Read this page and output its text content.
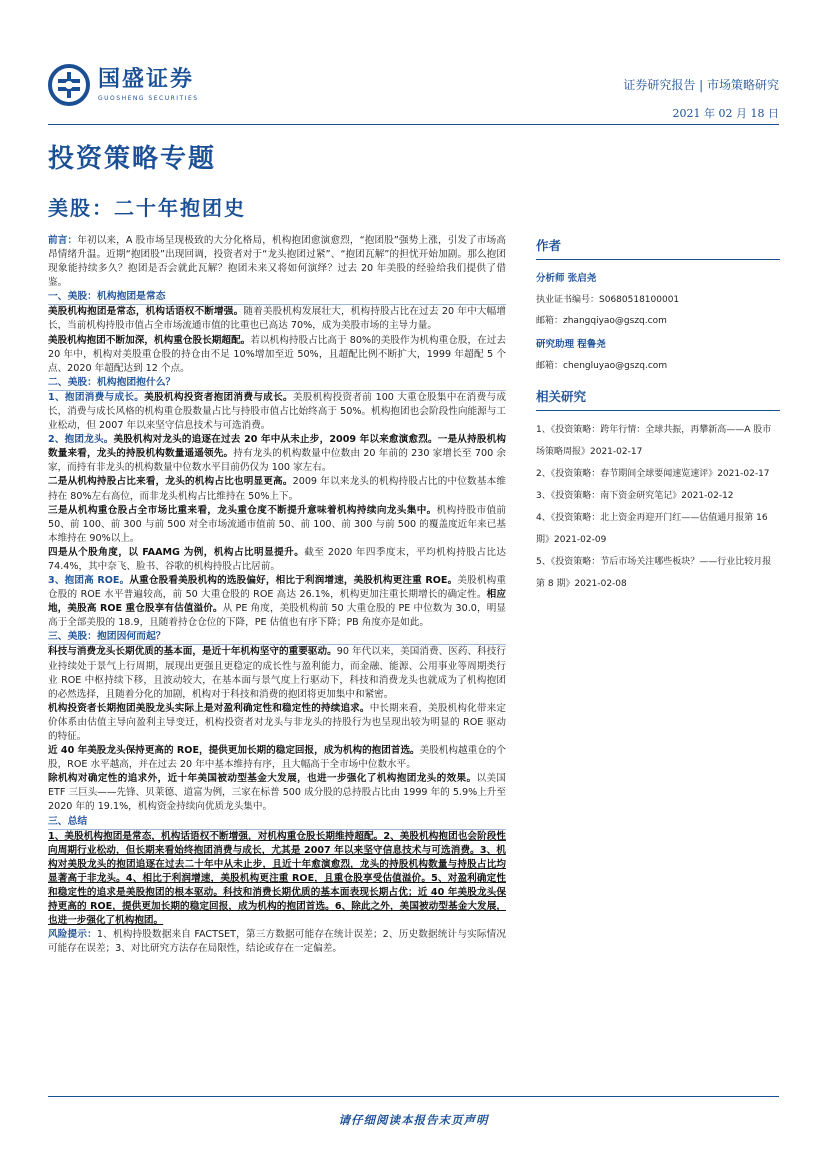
国盛证券
GUOSHENG SECURITIES
证券研究报告 | 市场策略研究
2021 年 02 月 18 日
投资策略专题
美股：二十年抱团史

前言：年初以来，A 股市场呈现极致的大分化格局，机构抱团愈演愈烈，“抱团股”强势上涨，引发了市场高昂情绪升温。近期“抱团股”出现回调，投资者对于“龙头抱团过紧”、“抱团瓦解”的担忧开始加剧。那么抱团现象能持续多久？抱团是否会就此瓦解？抱团未来又将如何演绎？过去 20 年美股的经验给我们提供了借鉴。

一、美股：机构抱团是常态

美股机构抱团是常态，机构话语权不断增强。随着美股机构发展壮大，机构持股占比在过去 20 年中大幅增长，当前机构持股市值占全市场流通市值的比重也已高达 70%，成为美股市场的主导力量。

美股机构抱团不断加深，机构重仓股长期超配。若以机构持股占比高于 80%的美股作为机构重仓股，在过去 20 年中，机构对美股重仓股的持仓由不足 10%增加至近 50%，且超配比例不断扩大，1999 年超配 5 个点、2020 年超配达到 12 个点。

二、美股：机构抱团抱什么？

1、抱团消费与成长。美股机构投资者抱团消费与成长。美股机构投资者前 100 大重仓股集中在消费与成长，消费与成长风格的机构重仓股数量占比与持股市值占比始终高于 50%。机构抱团也会阶段性向能源与工业松动，但 2007 年以来坚守信息技术与可选消费。

2、抱团龙头。美股机构对龙头的追逐在过去 20 年中从未止步，2009 年以来愈演愈烈。一是从持股机构数量来看，龙头的持股机构数量遥遥领先。持有龙头的机构数量中位数由 20 年前的 230 家增长至 700 余家，而持有非龙头的机构数量中位数水平目前仍仅为 100 家左右。

二是从机构持股占比来看，龙头的机构占比也明显更高。2009 年以来龙头的机构持股占比的中位数基本维持在 80%左右高位，而非龙头机构占比维持在 50%上下。

三是从机构重仓股占全市场比重来看，龙头重仓度不断提升意味着机构持续向龙头集中。机构持股市值前 50、前 100、前 300 与前 500 对全市场流通市值前 50、前 100、前 300 与前 500 的覆盖度近年来已基本维持在 90%以上。

四是从个股角度，以 FAAMG 为例，机构占比明显提升。截至 2020 年四季度末，平均机构持股占比达 74.4%，其中奈飞、脸书、谷歌的机构持股占比居前。

3、抱团高 ROE。从重仓股看美股机构的选股偏好，相比于利润增速，美股机构更注重 ROE。美股机构重仓股的 ROE 水平普遍较高，前 50 大重仓股的 ROE 高达 26.1%，机构更加注重长期增长的确定性。相应地，美股高 ROE 重仓股享有估值溢价。从 PE 角度，美股机构前 50 大重仓股的 PE 中位数为 30.0，明显高于全部美股的 18.9，且随着持仓仓位的下降，PE 估值也有序下降；PB 角度亦是如此。

三、美股：抱团因何而起？

科技与消费龙头长期优质的基本面，是近十年机构坚守的重要驱动。90 年代以来，美国消费、医药、科技行业持续处于景气上行周期，展现出更强且更稳定的成长性与盈利能力，而金融、能源、公用事业等周期类行业 ROE 中枢持续下移，且波动较大，在基本面与景气度上行驱动下，科技和消费龙头也就成为了机构抱团的必然选择，且随着分化的加剧，机构对于科技和消费的抱团将更加集中和紧密。

机构投资者长期抱团美股龙头实际上是对盈利确定性和稳定性的持续追求。中长期来看，美股机构化带来定价体系由估值主导向盈利主导变迁，机构投资者对龙头与非龙头的持股行为也呈现出较为明显的 ROE 驱动的特征。

近 40 年美股龙头保持更高的 ROE，提供更加长期的稳定回报，成为机构的抱团首选。美股机构越重仓的个股，ROE 水平越高，并在过去 20 年中基本维持有序，且大幅高于全市场中位数水平。

除机构对确定性的追求外，近十年美国被动型基金大发展，也进一步强化了机构抱团龙头的效果。以美国 ETF 三巨头——先锋、贝莱德、道富为例，三家在标普 500 成分股的总持股占比由 1999 年的 5.9%上升至 2020 年的 19.1%，机构资金持续向优质龙头集中。

三、总结

1、美股机构抱团是常态，机构话语权不断增强，对机构重仓股长期维持超配。2、美股机构抱团也会阶段性向周期行业松动，但长期来看始终抱团消费与成长，尤其是 2007 年以来坚守信息技术与可选消费。3、机构对美股龙头的抱团追逐在过去二十年中从未止步，且近十年愈演愈烈，龙头的持股机构数量与持股占比均显著高于非龙头。4、相比于利润增速，美股机构更注重 ROE，且重仓股享受估值溢价。5、对盈利确定性和稳定性的追求是美股抱团的根本驱动。科技和消费长期优质的基本面表现长期占优；近 40 年美股龙头保持更高的 ROE，提供更加长期的稳定回报，成为机构的抱团首选。6、除此之外，美国被动型基金大发展，也进一步强化了机构抱团。

风险提示：1、机构持股数据来自 FACTSET，第三方数据可能存在统计误差；2、历史数据统计与实际情况可能存在误差；3、对比研究方法存在局限性，结论或存在一定偏差。

作者
分析师 张启尧
执业证书编号：S0680518100001
邮箱：zhangqiyao@gszq.com
研究助理 程鲁尧
邮箱：chengluyao@gszq.com
相关研究
1、《投资策略：跨年行情：全球共振，再攀新高——A 股市场策略周报》2021-02-17
2、《投资策略：春节期间全球要闻速览速评》2021-02-17
3、《投资策略：南下资金研究笔记》2021-02-12
4、《投资策略：北上资金再迎开门红——估值通月报第 16 期》2021-02-09
5、《投资策略：节后市场关注哪些板块？——行业比较月报第 8 期》2021-02-08
请仔细阅读本报告末页声明
